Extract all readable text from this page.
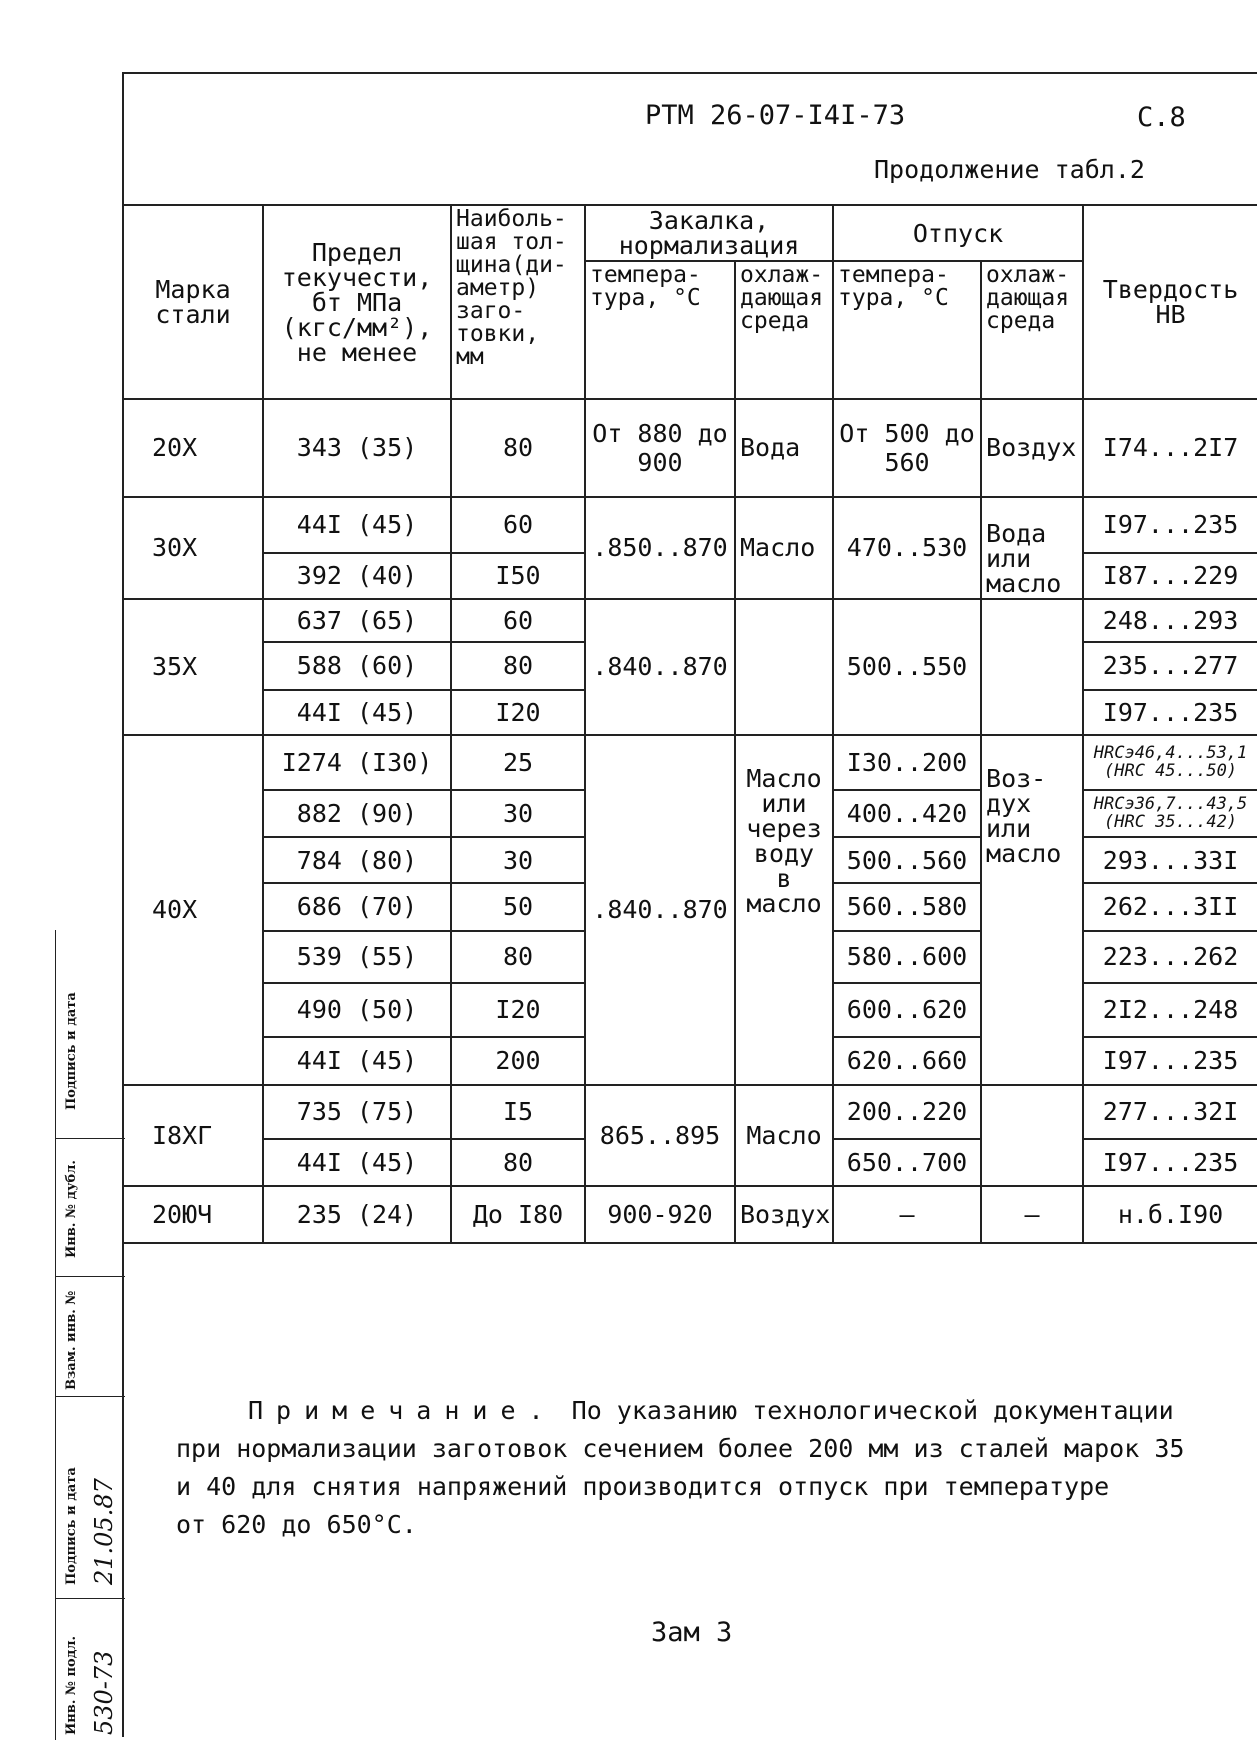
РТМ 26-07-I4I-73	С.8
Продолжение табл.2
Марка стали	Предел текучести, бт МПа (кгс/мм²), не менее	Наиболь-шая тол-щина(ди-аметр) заго-товки, мм	Закалка, нормализация		Отпуск		Твердость НВ
			темпера-тура, °С	охлаж-дающая среда	темпера-тура, °С	охлаж-дающая среда	
20Х	343 (35)	80	От 880 до 900	Вода	От 500 до 560	Воздух	I74...2I7
30Х	44I (45)	60	.850..870	Масло	470..530	Вода или масло	I97...235
	392 (40)	I50					I87...229
35Х	637 (65)	60	.840..870		500..550		248...293
	588 (60)	80					235...277
	44I (45)	I20					I97...235
40Х	I274 (I30)	25	.840..870	Масло или через воду в масло	I30..200	Воз-дух или масло	HRCэ46,4...53,1 (HRC 45...50)
	882 (90)	30			400..420		HRCэ36,7...43,5 (HRC 35...42)
	784 (80)	30			500..560		293...33I
	686 (70)	50			560..580		262...3II
	539 (55)	80			580..600		223...262
	490 (50)	I20			600..620		2I2...248
	44I (45)	200			620..660		I97...235
I8ХГ	735 (75)	I5	865..895	Масло	200..220		277...32I
	44I (45)	80			650..700		I97...235
20ЮЧ	235 (24)	До I80	900-920	Воздух	–	–	н.б.I90
Примечание. По указанию технологической документации
при нормализации заготовок сечением более 200 мм из сталей марок 35
и 40 для снятия напряжений производится отпуск при температуре
от 620 до 650°С.
Зам 3
Подпись и дата
Инв. № дубл.
Взам. инв. №
Подпись и дата
Инв. № подл. 530-73
21.05.87
